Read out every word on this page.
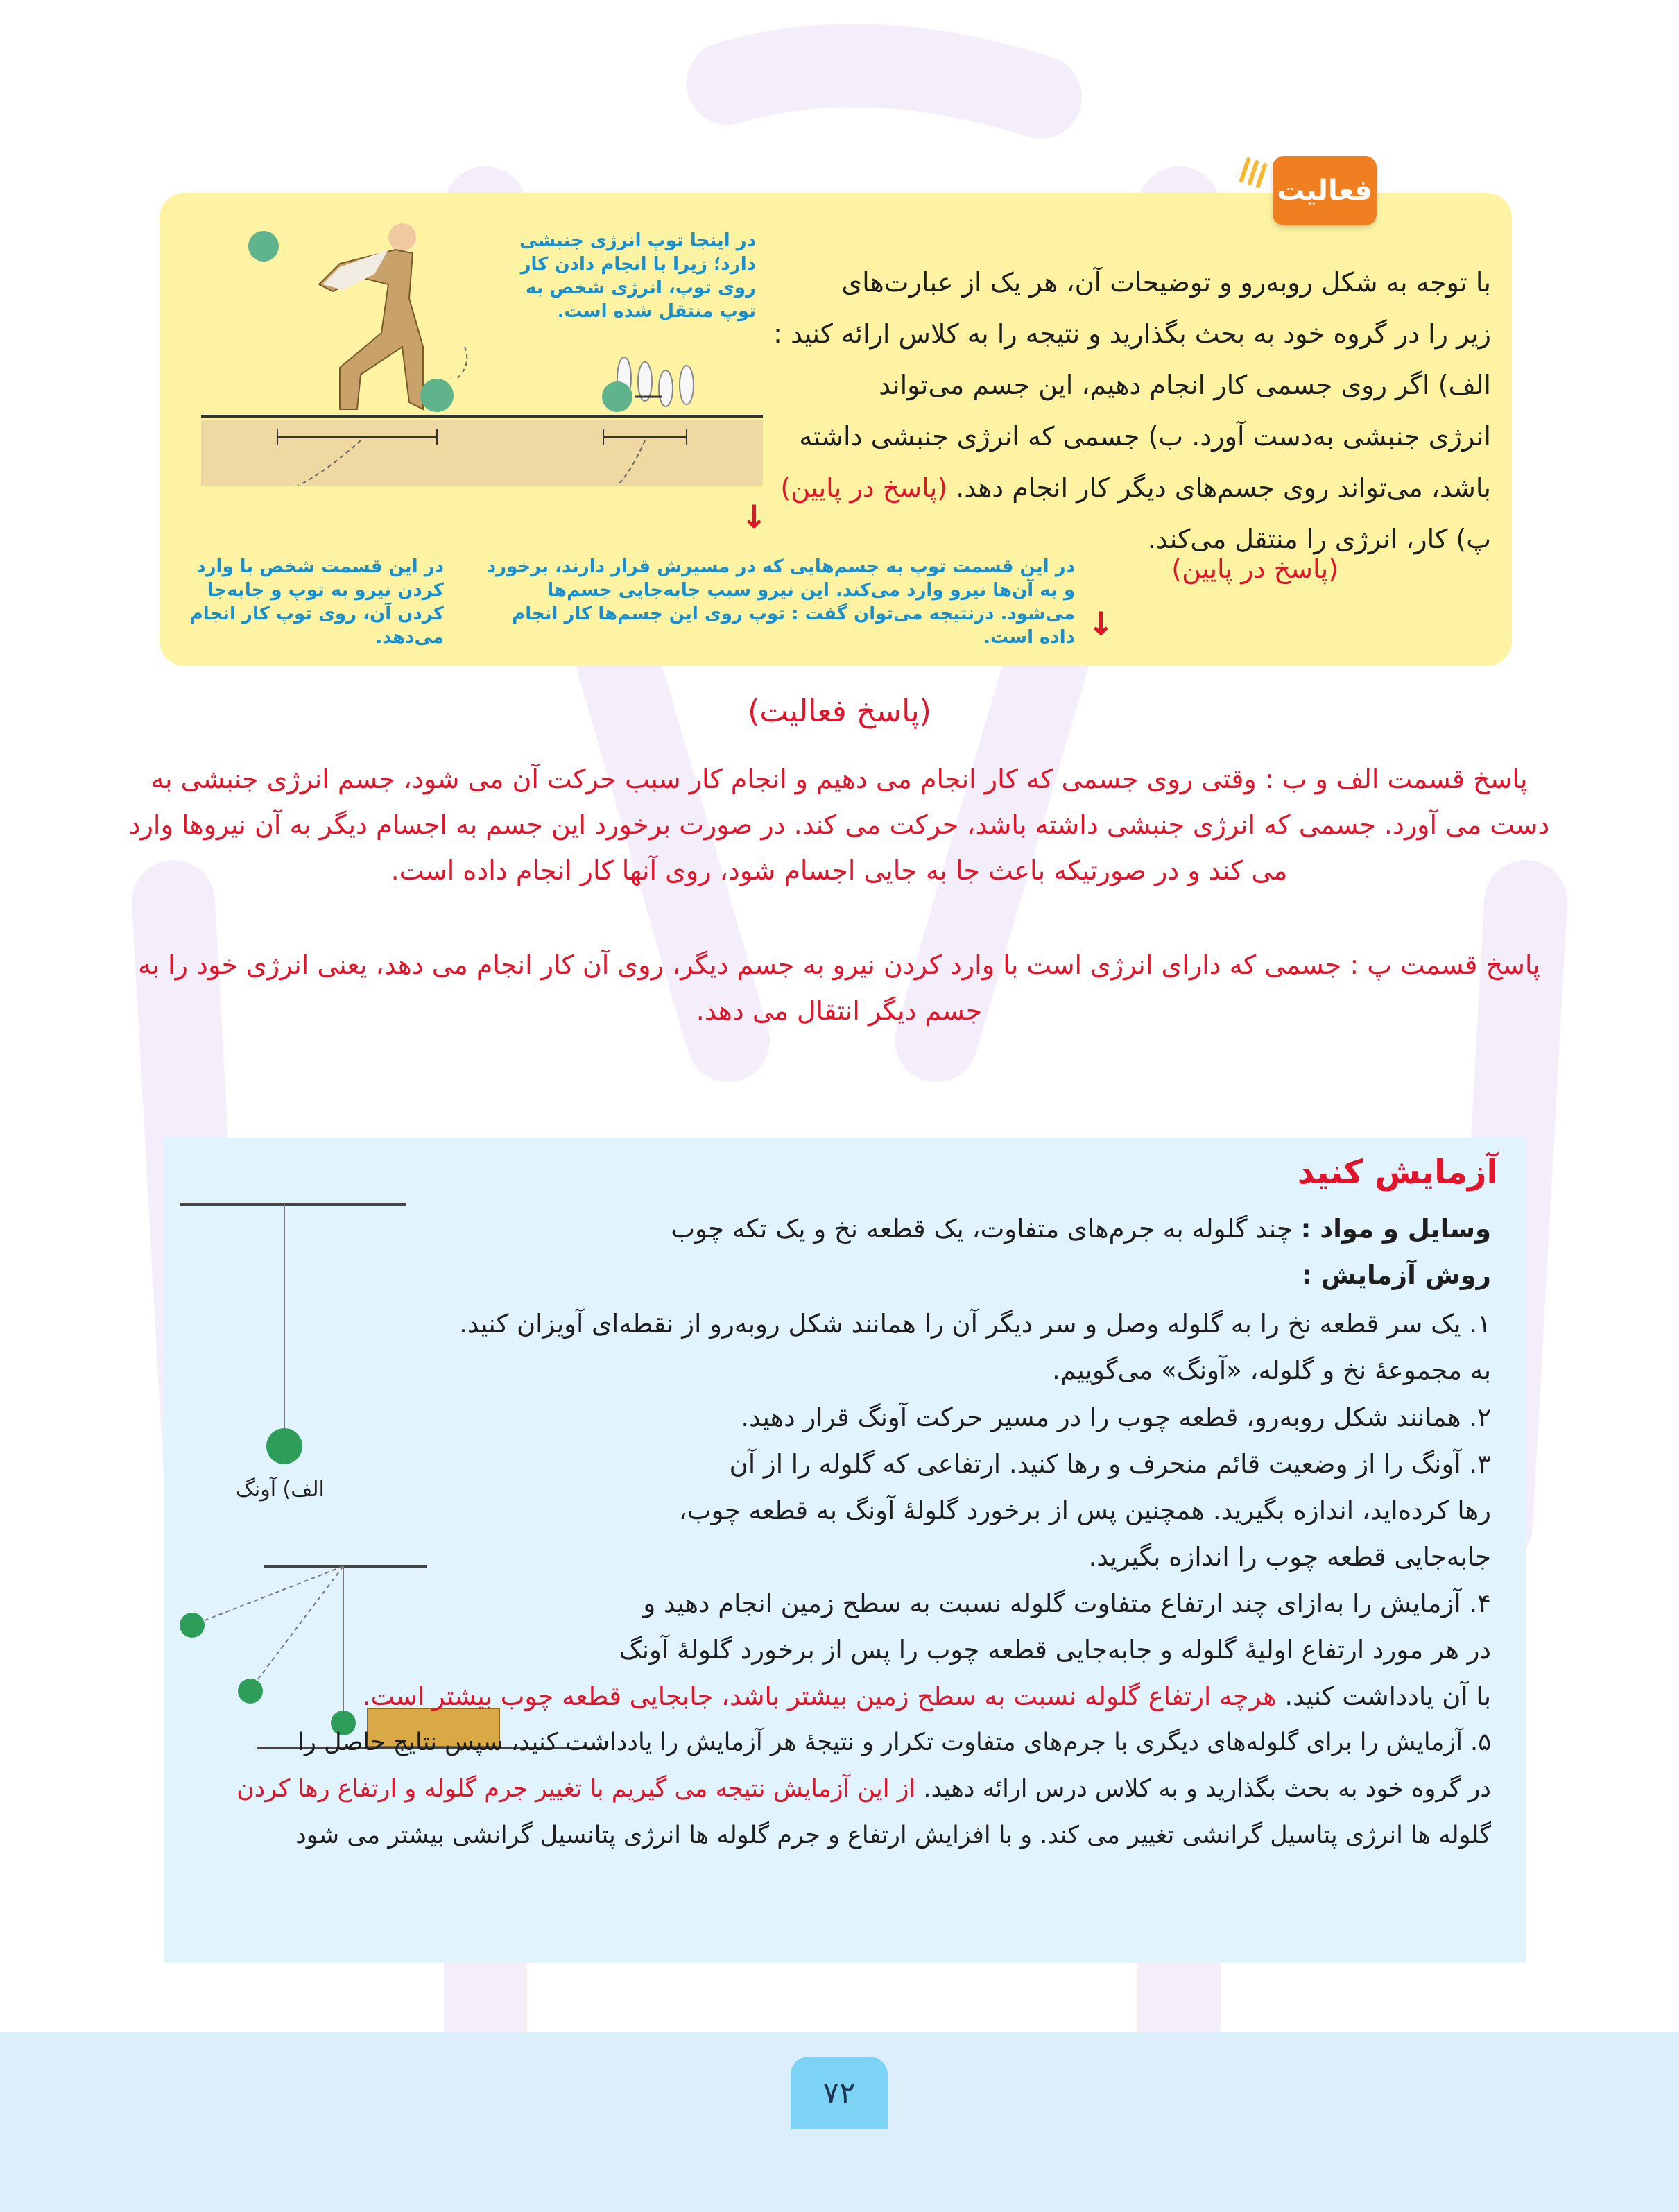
۷۲
فعالیت

در اینجا توپ انرژی جنبشی دارد؛ زیرا با انجام دادن کار روی توپ، انرژی شخص به توپ منتقل شده است.

در این قسمت توپ به جسم‌هایی که در مسیرش قرار دارند، برخورد و به آن‌ها نیرو وارد می‌کند. این نیرو سبب جابه‌جایی جسم‌ها می‌شود. درنتیجه می‌توان گفت : توپ روی این جسم‌ها کار انجام داده است.

در این قسمت شخص با وارد کردن نیرو به توپ و جابه‌جا کردن آن، روی توپ کار انجام می‌دهد.

با توجه به شکل روبه‌رو و توضیحات آن، هر یک از عبارت‌های
زیر را در گروه خود به بحث بگذارید و نتیجه را به کلاس ارائه کنید :
الف) اگر روی جسمی کار انجام دهیم، این جسم می‌تواند
انرژی جنبشی به‌دست آورد. ب) جسمی که انرژی جنبشی داشته
باشد، می‌تواند روی جسم‌های دیگر کار انجام دهد. (پاسخ در پایین)
پ) کار، انرژی را منتقل می‌کند.
(پاسخ در پایین)
↓
↓
(پاسخ فعالیت)

پاسخ قسمت الف و ب : وقتی روی جسمی که کار انجام می دهیم و انجام کار سبب حرکت آن می شود، جسم انرژی جنبشی به دست می آورد. جسمی که انرژی جنبشی داشته باشد، حرکت می کند. در صورت برخورد این جسم به اجسام دیگر به آن نیروها وارد می کند و در صورتیکه باعث جا به جایی اجسام شود، روی آنها کار انجام داده است.

پاسخ قسمت پ : جسمی که دارای انرژی است با وارد کردن نیرو به جسم دیگر، روی آن کار انجام می دهد، یعنی انرژی خود را به جسم دیگر انتقال می دهد.

آزمایش کنید
الف) آونگ

وسایل و مواد : چند گلوله به جرم‌های متفاوت، یک قطعه نخ و یک تکه چوب

روش آزمایش :

۱. یک سر قطعه نخ را به گلوله وصل و سر دیگر آن را همانند شکل روبه‌رو از نقطه‌ای آویزان کنید.

به مجموعهٔ نخ و گلوله، «آونگ» می‌گوییم.

۲. همانند شکل روبه‌رو، قطعه چوب را در مسیر حرکت آونگ قرار دهید.

۳. آونگ را از وضعیت قائم منحرف و رها کنید. ارتفاعی که گلوله را از آن

رها کرده‌اید، اندازه بگیرید. همچنین پس از برخورد گلولهٔ آونگ به قطعه چوب،

جابه‌جایی قطعه چوب را اندازه بگیرید.

۴. آزمایش را به‌ازای چند ارتفاع متفاوت گلوله نسبت به سطح زمین انجام دهید و

در هر مورد ارتفاع اولیهٔ گلوله و جابه‌جایی قطعه چوب را پس از برخورد گلولهٔ آونگ

با آن یادداشت کنید. هرچه ارتفاع گلوله نسبت به سطح زمین بیشتر باشد، جابجایی قطعه چوب بیشتر است.

۵. آزمایش را برای گلوله‌های دیگری با جرم‌های متفاوت تکرار و نتیجهٔ هر آزمایش را یادداشت کنید، سپس نتایج حاصل را

در گروه خود به بحث بگذارید و به کلاس درس ارائه دهید. از این آزمایش نتیجه می گیریم با تغییر جرم گلوله و ارتفاع رها کردن

گلوله ها انرژی پتاسیل گرانشی تغییر می کند. و با افزایش ارتفاع و جرم گلوله ها انرژی پتانسیل گرانشی بیشتر می شود
